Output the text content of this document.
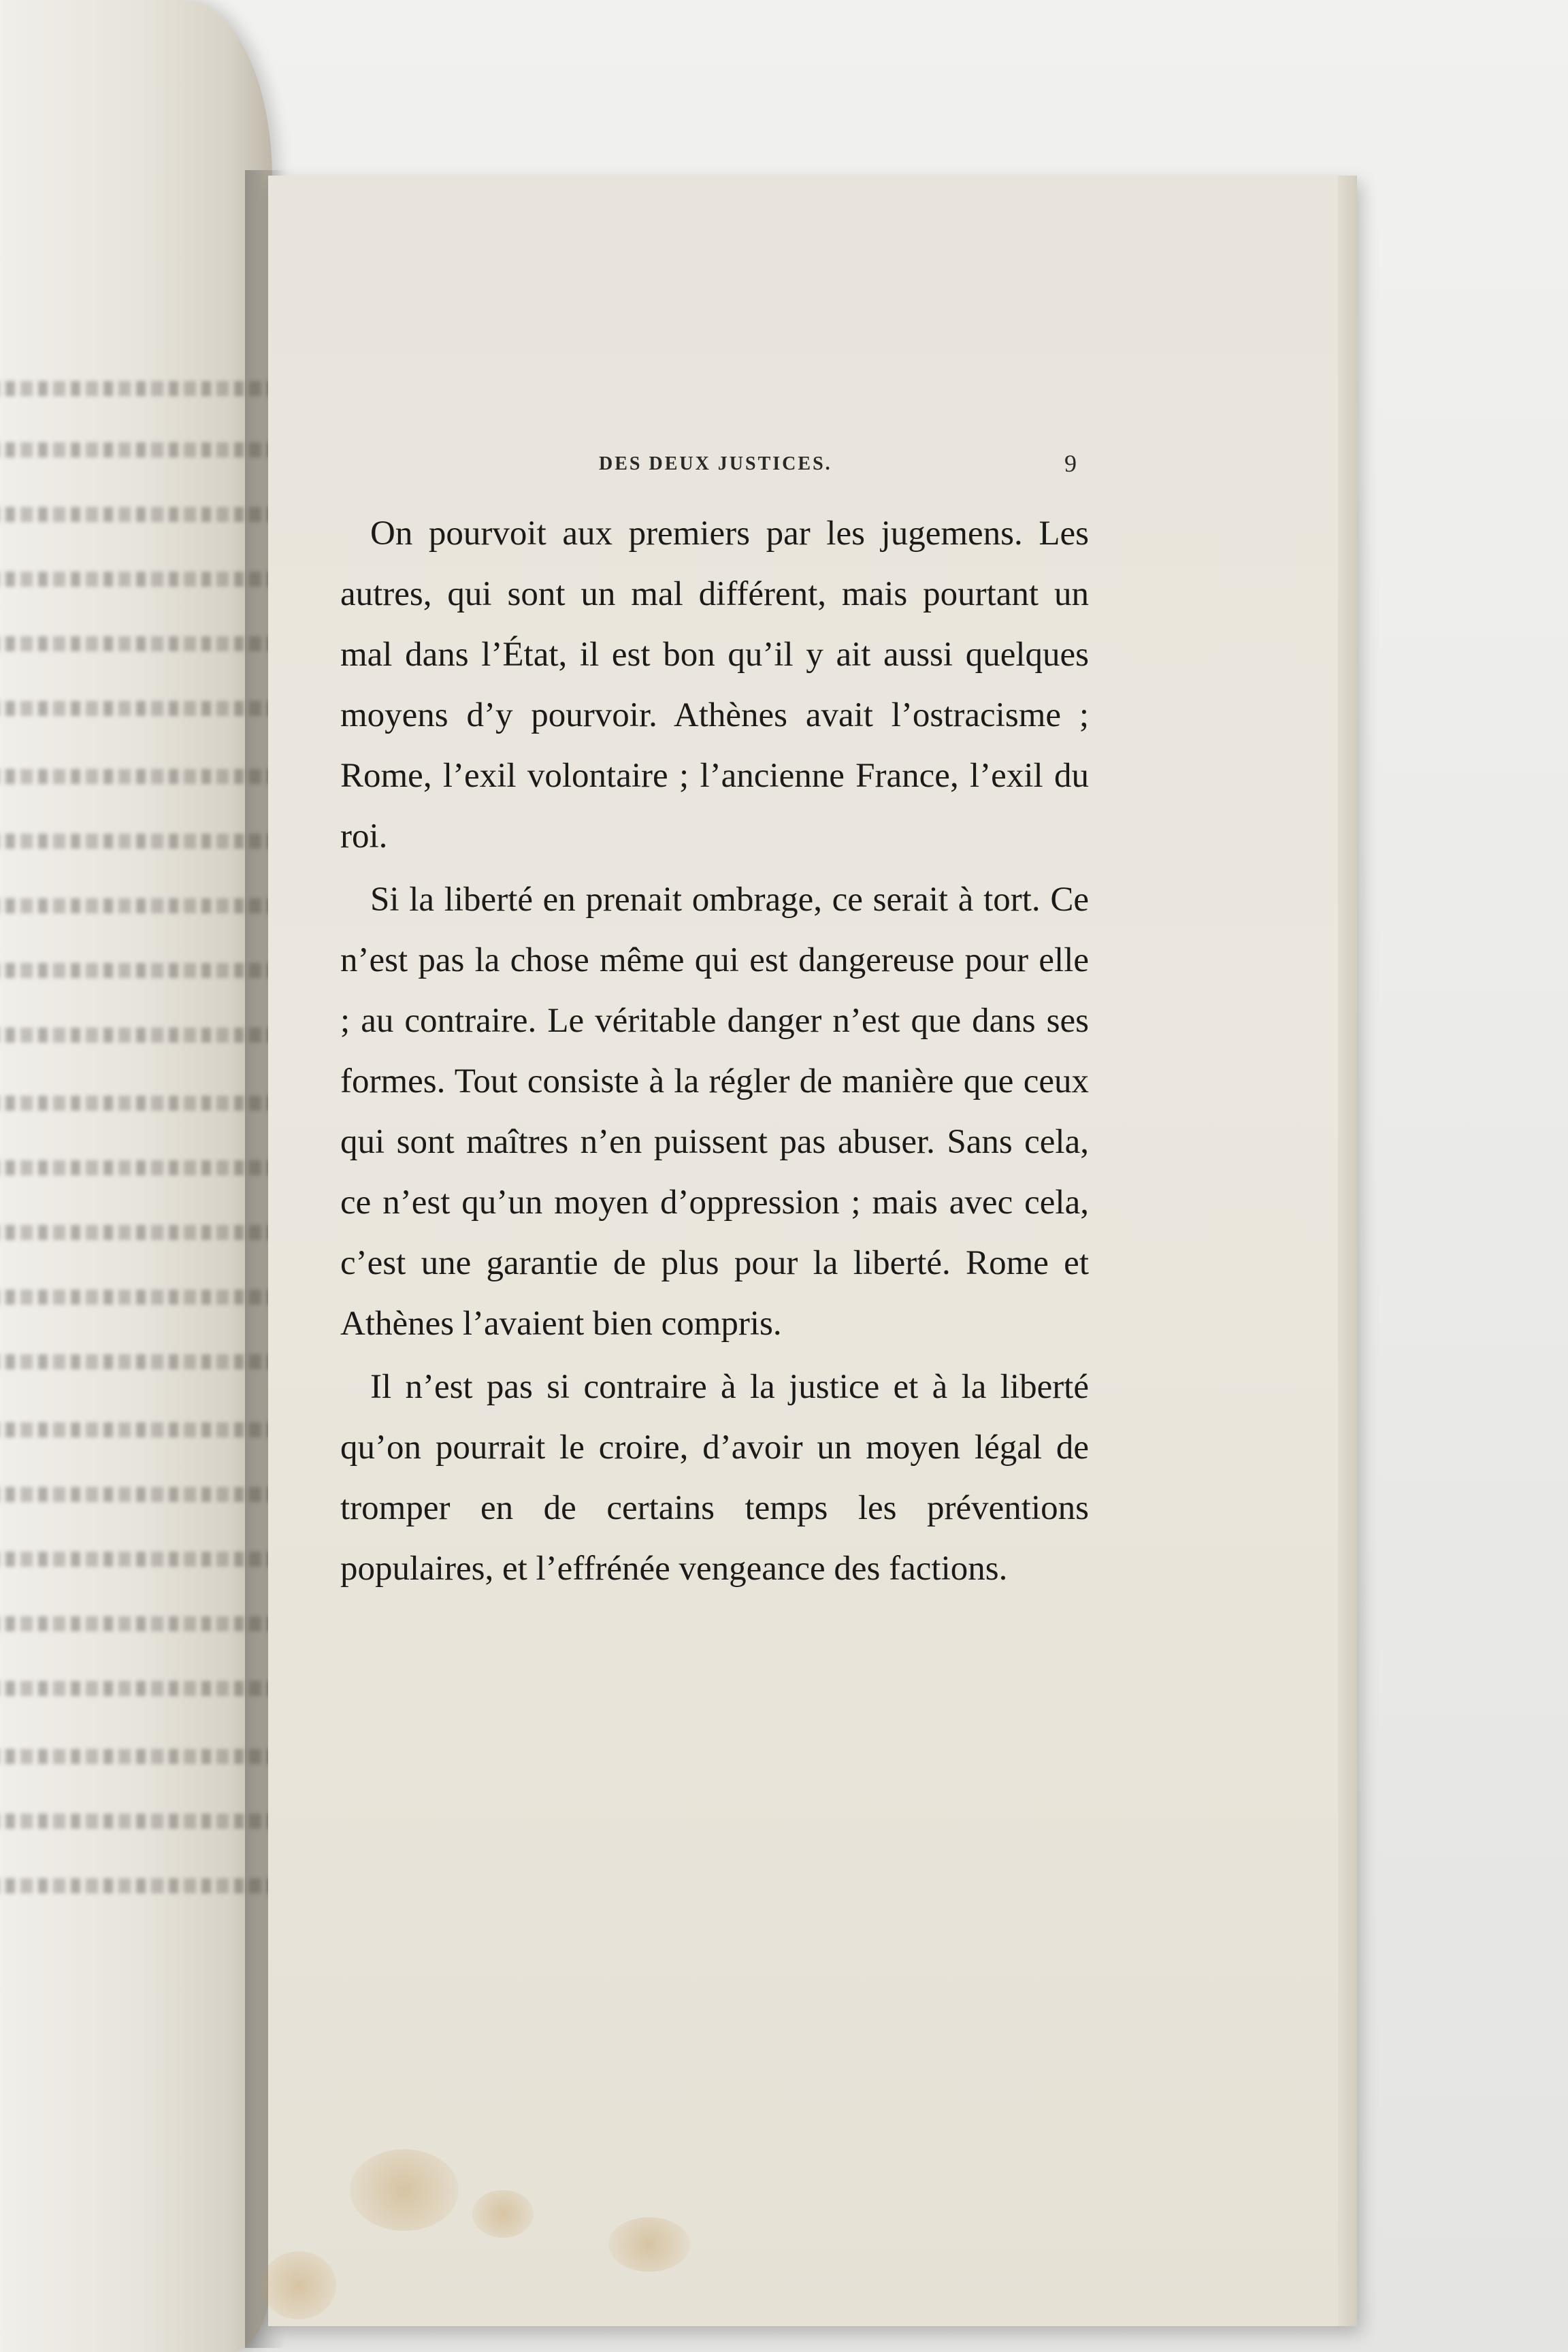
DES DEUX JUSTICES.	9

On pourvoit aux premiers par les jugemens. Les autres, qui sont un mal différent, mais pourtant un mal dans l’État, il est bon qu’il y ait aussi quelques moyens d’y pourvoir. Athènes avait l’ostracisme ; Rome, l’exil volontaire ; l’ancienne France, l’exil du roi.

Si la liberté en prenait ombrage, ce serait à tort. Ce n’est pas la chose même qui est dangereuse pour elle ; au contraire. Le véritable danger n’est que dans ses formes. Tout consiste à la régler de manière que ceux qui sont maîtres n’en puissent pas abuser. Sans cela, ce n’est qu’un moyen d’oppression ; mais avec cela, c’est une garantie de plus pour la liberté. Rome et Athènes l’avaient bien compris.

Il n’est pas si contraire à la justice et à la liberté qu’on pourrait le croire, d’avoir un moyen légal de tromper en de certains temps les préventions populaires, et l’effrénée vengeance des factions.
